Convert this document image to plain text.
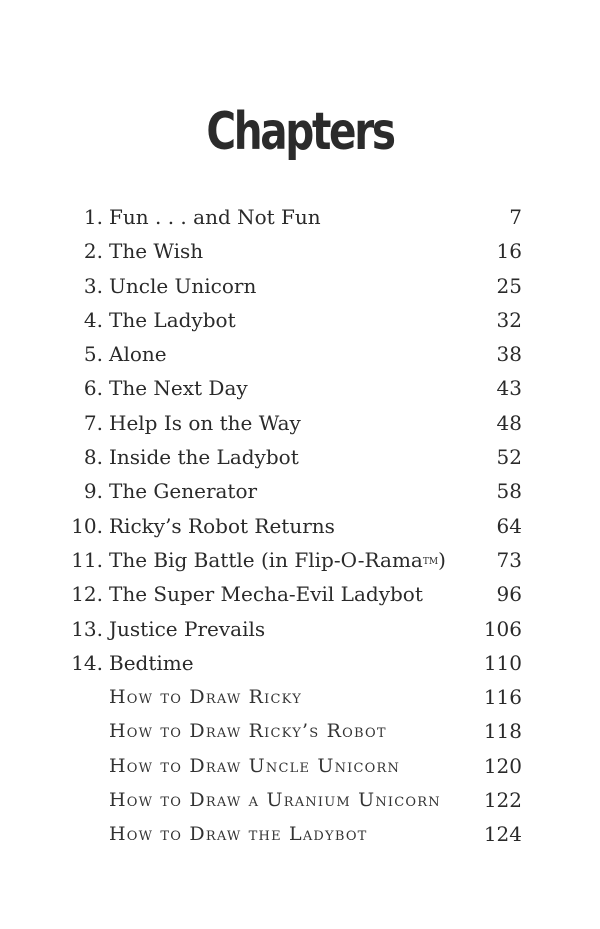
Chapters
1. Fun . . . and Not Fun	7
2. The Wish	16
3. Uncle Unicorn	25
4. The Ladybot	32
5. Alone	38
6. The Next Day	43
7. Help Is on the Way	48
8. Inside the Ladybot	52
9. The Generator	58
10. Ricky’s Robot Returns	64
11. The Big Battle (in Flip-O-RamaTM)	73
12. The Super Mecha-Evil Ladybot	96
13. Justice Prevails	106
14. Bedtime	110
How to Draw Ricky	116
How to Draw Ricky’s Robot	118
How to Draw Uncle Unicorn	120
How to Draw a Uranium Unicorn 122
How to Draw the Ladybot	124
